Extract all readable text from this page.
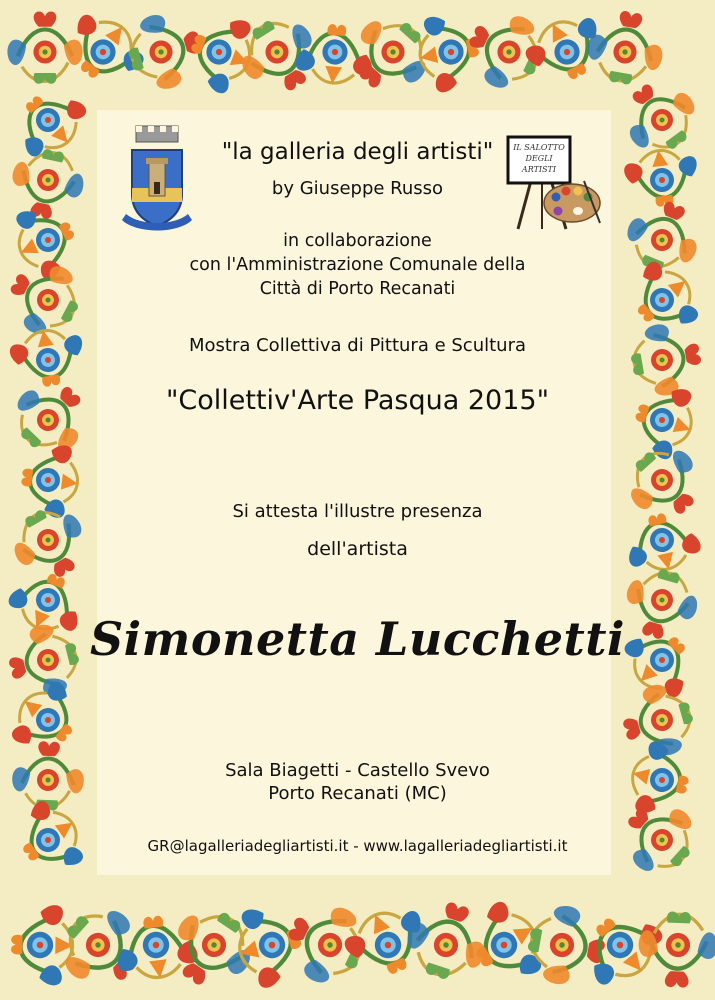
IL SALOTTO
DEGLI
ARTISTI
"la galleria degli artisti"
by Giuseppe Russo
in collaborazione
con l'Amministrazione Comunale della
Città di Porto Recanati
Mostra Collettiva di Pittura e Scultura
"Collettiv'Arte Pasqua 2015"
Si attesta l'illustre presenza
dell'artista
Simonetta Lucchetti
Sala Biagetti - Castello Svevo
Porto Recanati (MC)
GR@lagalleriadegliartisti.it - www.lagalleriadegliartisti.it
